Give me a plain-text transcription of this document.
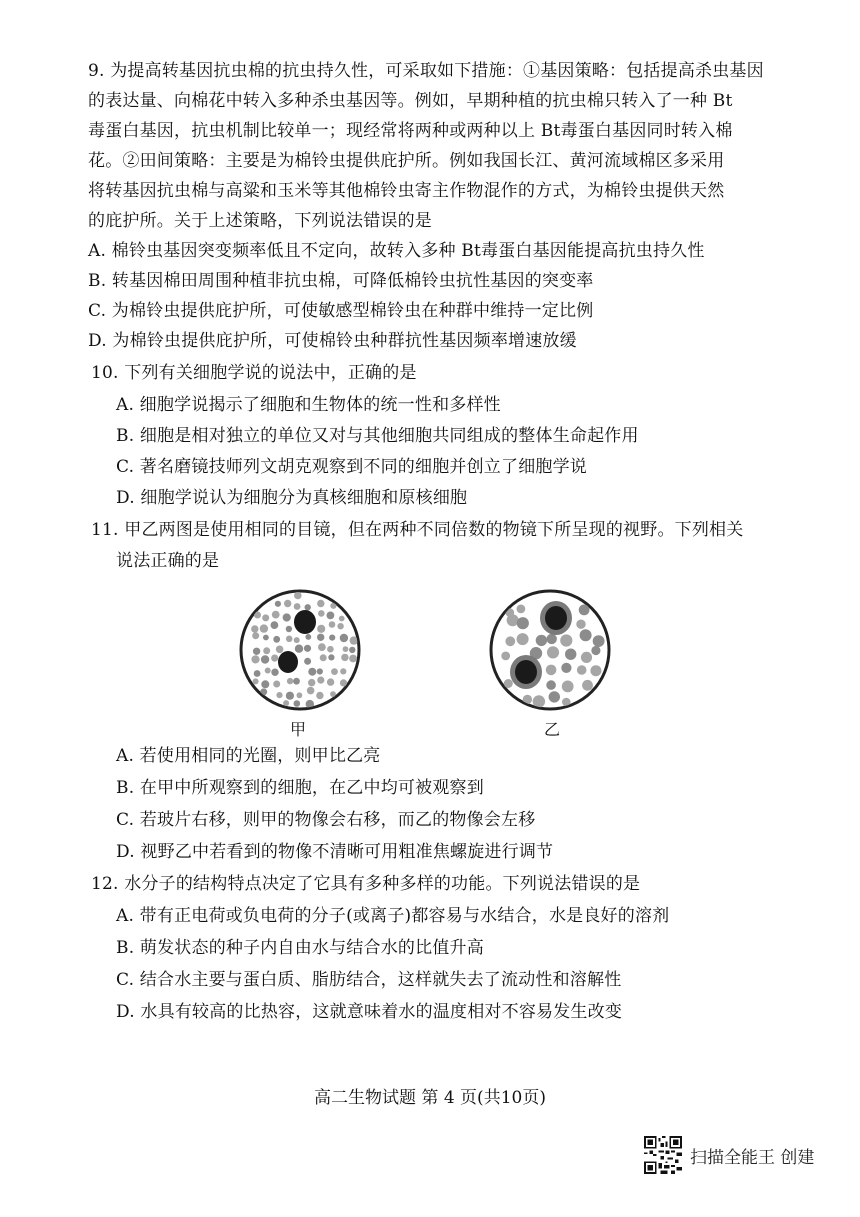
9. 为提高转基因抗虫棉的抗虫持久性，可采取如下措施：①基因策略：包括提高杀虫基因
的表达量、向棉花中转入多种杀虫基因等。例如，早期种植的抗虫棉只转入了一种 Bt
毒蛋白基因，抗虫机制比较单一；现经常将两种或两种以上 Bt毒蛋白基因同时转入棉
花。②田间策略：主要是为棉铃虫提供庇护所。例如我国长江、黄河流域棉区多采用
将转基因抗虫棉与高粱和玉米等其他棉铃虫寄主作物混作的方式，为棉铃虫提供天然
的庇护所。关于上述策略，下列说法错误的是
A. 棉铃虫基因突变频率低且不定向，故转入多种 Bt毒蛋白基因能提高抗虫持久性
B. 转基因棉田周围种植非抗虫棉，可降低棉铃虫抗性基因的突变率
C. 为棉铃虫提供庇护所，可使敏感型棉铃虫在种群中维持一定比例
D. 为棉铃虫提供庇护所，可使棉铃虫种群抗性基因频率增速放缓
10. 下列有关细胞学说的说法中，正确的是
A. 细胞学说揭示了细胞和生物体的统一性和多样性
B. 细胞是相对独立的单位又对与其他细胞共同组成的整体生命起作用
C. 著名磨镜技师列文胡克观察到不同的细胞并创立了细胞学说
D. 细胞学说认为细胞分为真核细胞和原核细胞
11. 甲乙两图是使用相同的目镜，但在两种不同倍数的物镜下所呈现的视野。下列相关
说法正确的是
甲	乙
A. 若使用相同的光圈，则甲比乙亮
B. 在甲中所观察到的细胞，在乙中均可被观察到
C. 若玻片右移，则甲的物像会右移，而乙的物像会左移
D. 视野乙中若看到的物像不清晰可用粗准焦螺旋进行调节
12. 水分子的结构特点决定了它具有多种多样的功能。下列说法错误的是
A. 带有正电荷或负电荷的分子(或离子)都容易与水结合，水是良好的溶剂
B. 萌发状态的种子内自由水与结合水的比值升高
C. 结合水主要与蛋白质、脂肪结合，这样就失去了流动性和溶解性
D. 水具有较高的比热容，这就意味着水的温度相对不容易发生改变
高二生物试题 第 4 页(共10页)
扫描全能王 创建
